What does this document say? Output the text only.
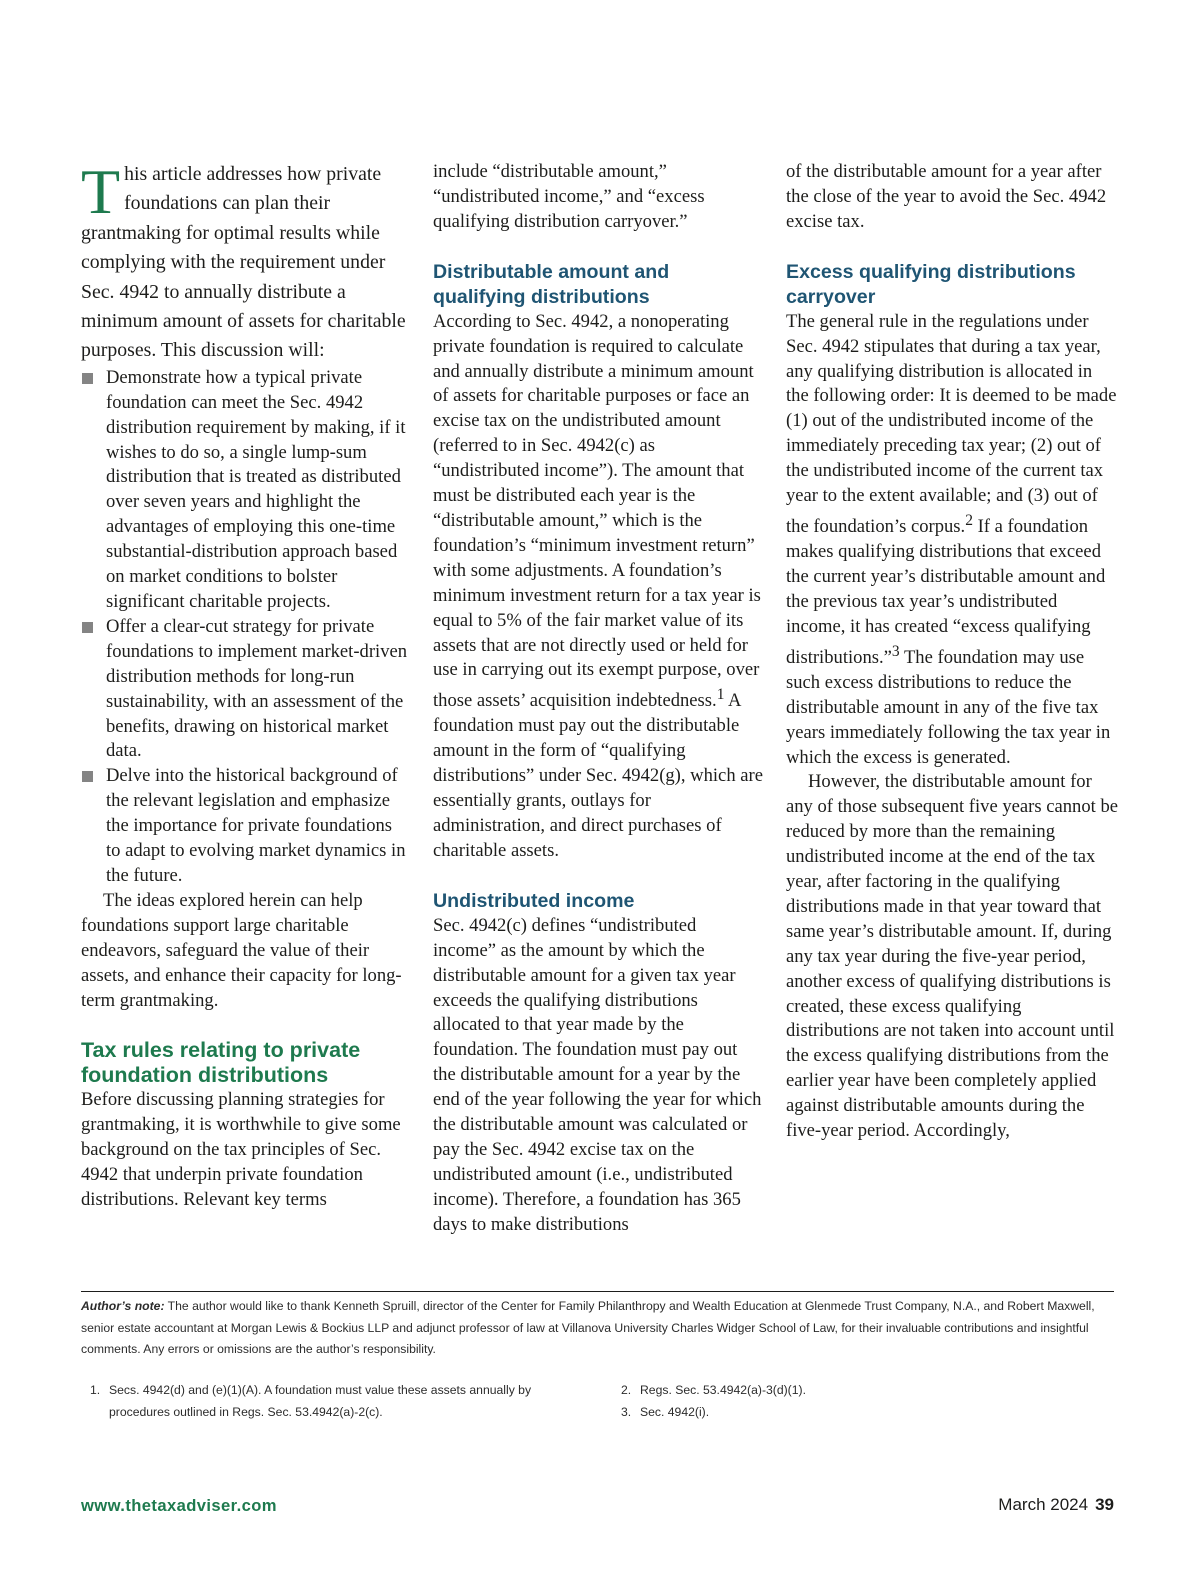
This article addresses how private foundations can plan their grantmaking for optimal results while complying with the requirement under Sec. 4942 to annually distribute a minimum amount of assets for charitable purposes. This discussion will:

Demonstrate how a typical private foundation can meet the Sec. 4942 distribution requirement by making, if it wishes to do so, a single lump-sum distribution that is treated as distributed over seven years and highlight the advantages of employing this one-time substantial-distribution approach based on market conditions to bolster significant charitable projects.
Offer a clear-cut strategy for private foundations to implement market-driven distribution methods for long-run sustainability, with an assessment of the benefits, drawing on historical market data.
Delve into the historical background of the relevant legislation and emphasize the importance for private foundations to adapt to evolving market dynamics in the future.

The ideas explored herein can help foundations support large charitable endeavors, safeguard the value of their assets, and enhance their capacity for long-term grantmaking.

Tax rules relating to private foundation distributions

Before discussing planning strategies for grantmaking, it is worthwhile to give some background on the tax principles of Sec. 4942 that underpin private foundation distributions. Relevant key terms

include “distributable amount,” “undistributed income,” and “excess qualifying distribution carryover.”

Distributable amount and qualifying distributions

According to Sec. 4942, a nonoperating private foundation is required to calculate and annually distribute a minimum amount of assets for charitable purposes or face an excise tax on the undistributed amount (referred to in Sec. 4942(c) as “undistributed income”). The amount that must be distributed each year is the “distributable amount,” which is the foundation’s “minimum investment return” with some adjustments. A foundation’s minimum investment return for a tax year is equal to 5% of the fair market value of its assets that are not directly used or held for use in carrying out its exempt purpose, over those assets’ acquisition indebtedness.$^1$ A foundation must pay out the distributable amount in the form of “qualifying distributions” under Sec. 4942(g), which are essentially grants, outlays for administration, and direct purchases of charitable assets.

Undistributed income

Sec. 4942(c) defines “undistributed income” as the amount by which the distributable amount for a given tax year exceeds the qualifying distributions allocated to that year made by the foundation. The foundation must pay out the distributable amount for a year by the end of the year following the year for which the distributable amount was calculated or pay the Sec. 4942 excise tax on the undistributed amount (i.e., undistributed income). Therefore, a foundation has 365 days to make distributions

of the distributable amount for a year after the close of the year to avoid the Sec. 4942 excise tax.

Excess qualifying distributions carryover

The general rule in the regulations under Sec. 4942 stipulates that during a tax year, any qualifying distribution is allocated in the following order: It is deemed to be made (1) out of the undistributed income of the immediately preceding tax year; (2) out of the undistributed income of the current tax year to the extent available; and (3) out of the foundation’s corpus.$^2$ If a foundation makes qualifying distributions that exceed the current year’s distributable amount and the previous tax year’s undistributed income, it has created “excess qualifying distributions.”$^3$ The foundation may use such excess distributions to reduce the distributable amount in any of the five tax years immediately following the tax year in which the excess is generated.

However, the distributable amount for any of those subsequent five years cannot be reduced by more than the remaining undistributed income at the end of the tax year, after factoring in the qualifying distributions made in that year toward that same year’s distributable amount. If, during any tax year during the five-year period, another excess of qualifying distributions is created, these excess qualifying distributions are not taken into account until the excess qualifying distributions from the earlier year have been completely applied against distributable amounts during the five-year period. Accordingly,

Author’s note: The author would like to thank Kenneth Spruill, director of the Center for Family Philanthropy and Wealth Education at Glenmede Trust Company, N.A., and Robert Maxwell, senior estate accountant at Morgan Lewis & Bockius LLP and adjunct professor of law at Villanova University Charles Widger School of Law, for their invaluable contributions and insightful comments. Any errors or omissions are the author’s responsibility.
1. Secs. 4942(d) and (e)(1)(A). A foundation must value these assets annually by procedures outlined in Regs. Sec. 53.4942(a)-2(c).
2. Regs. Sec. 53.4942(a)-3(d)(1).
3. Sec. 4942(i).
www.thetaxadviser.com	March 2024 39
